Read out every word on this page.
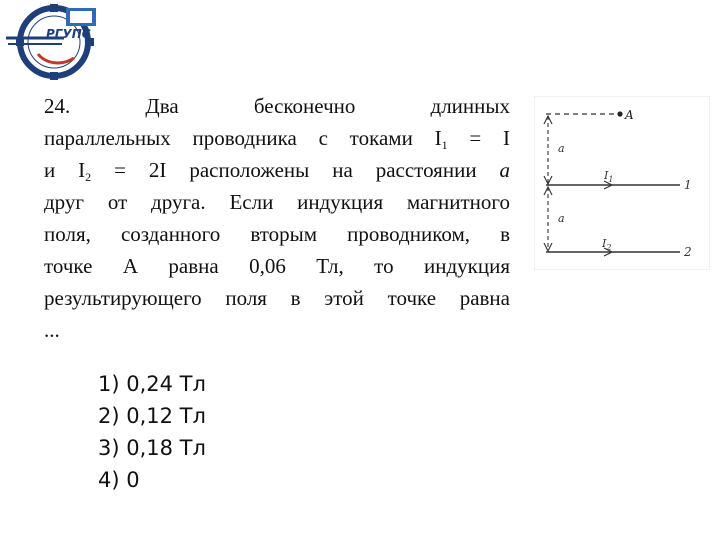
РГУПС
24.	Два	бесконечно	длинных
параллельных проводника с токами $I_1 = I$
и $I_2 = 2I$ расположены на расстоянии a
друг от друга. Если индукция магнитного
поля, созданного вторым проводником, в
точке А равна 0,06 Тл, то индукция
результирующего поля в этой точке равна
...
1) 0,24 Тл
2) 0,12 Тл
3) 0,18 Тл
4) 0
A
$I_1$	1
$I_2$	2
a
a
